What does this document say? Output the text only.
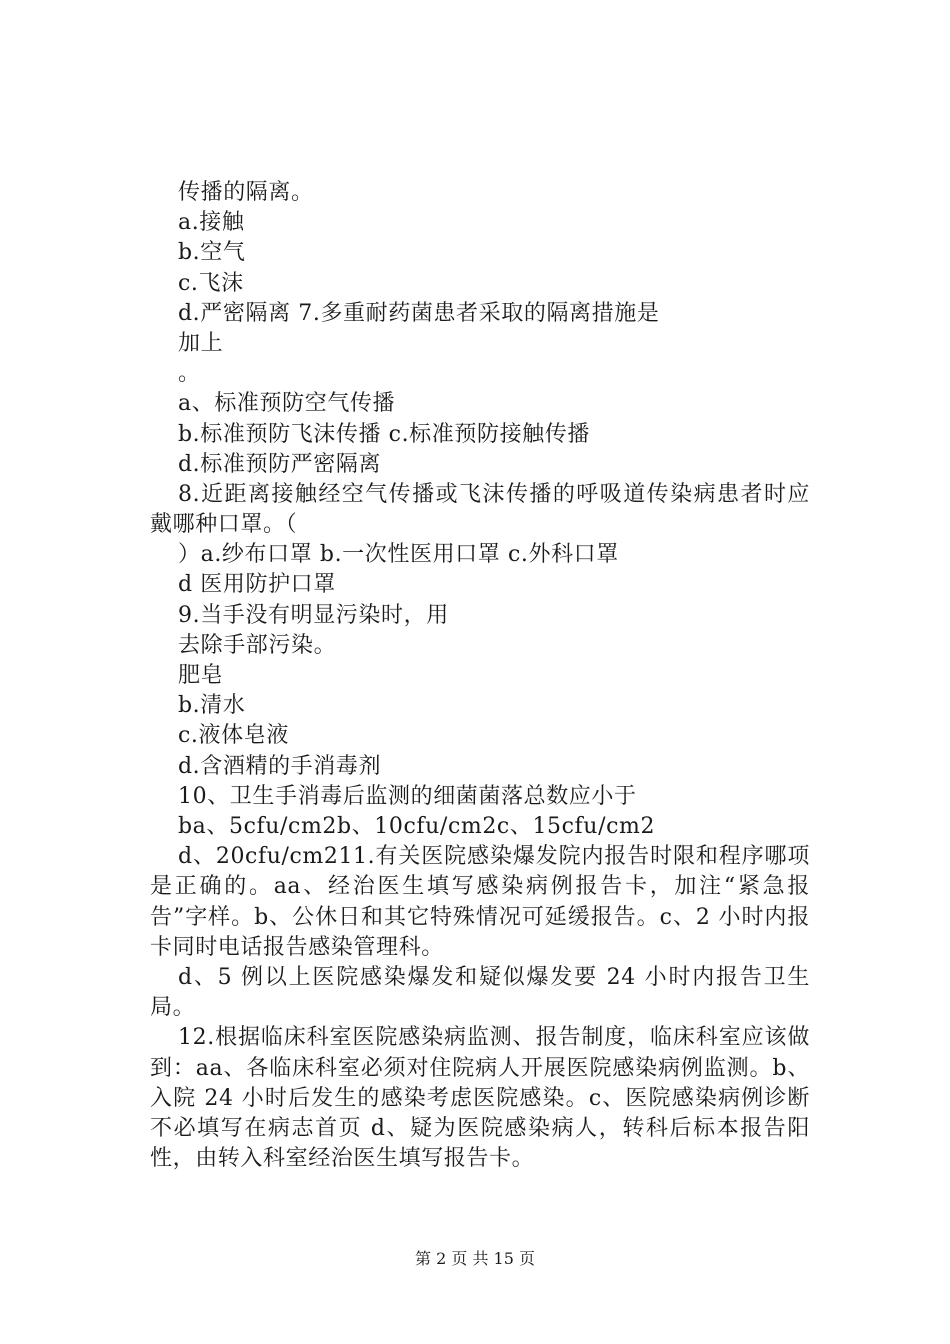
传播的隔离。
a.接触
b.空气
c.飞沫
d.严密隔离 7.多重耐药菌患者采取的隔离措施是
加上
。
a、标准预防空气传播
b.标准预防飞沫传播 c.标准预防接触传播
d.标准预防严密隔离
8.近距离接触经空气传播或飞沫传播的呼吸道传染病患者时应戴哪种口罩。（
）a.纱布口罩 b.一次性医用口罩 c.外科口罩
d 医用防护口罩
9.当手没有明显污染时，用
去除手部污染。
肥皂
b.清水
c.液体皂液
d.含酒精的手消毒剂
10、卫生手消毒后监测的细菌菌落总数应小于
ba、5cfu/cm2b、10cfu/cm2c、15cfu/cm2
d、20cfu/cm211.有关医院感染爆发院内报告时限和程序哪项是正确的。aa、经治医生填写感染病例报告卡，加注“紧急报告”字样。b、公休日和其它特殊情况可延缓报告。c、2 小时内报卡同时电话报告感染管理科。
d、5 例以上医院感染爆发和疑似爆发要 24 小时内报告卫生局。
12.根据临床科室医院感染病监测、报告制度，临床科室应该做到：aa、各临床科室必须对住院病人开展医院感染病例监测。b、入院 24 小时后发生的感染考虑医院感染。c、医院感染病例诊断不必填写在病志首页 d、疑为医院感染病人，转科后标本报告阳性，由转入科室经治医生填写报告卡。
第 2 页 共 15 页
